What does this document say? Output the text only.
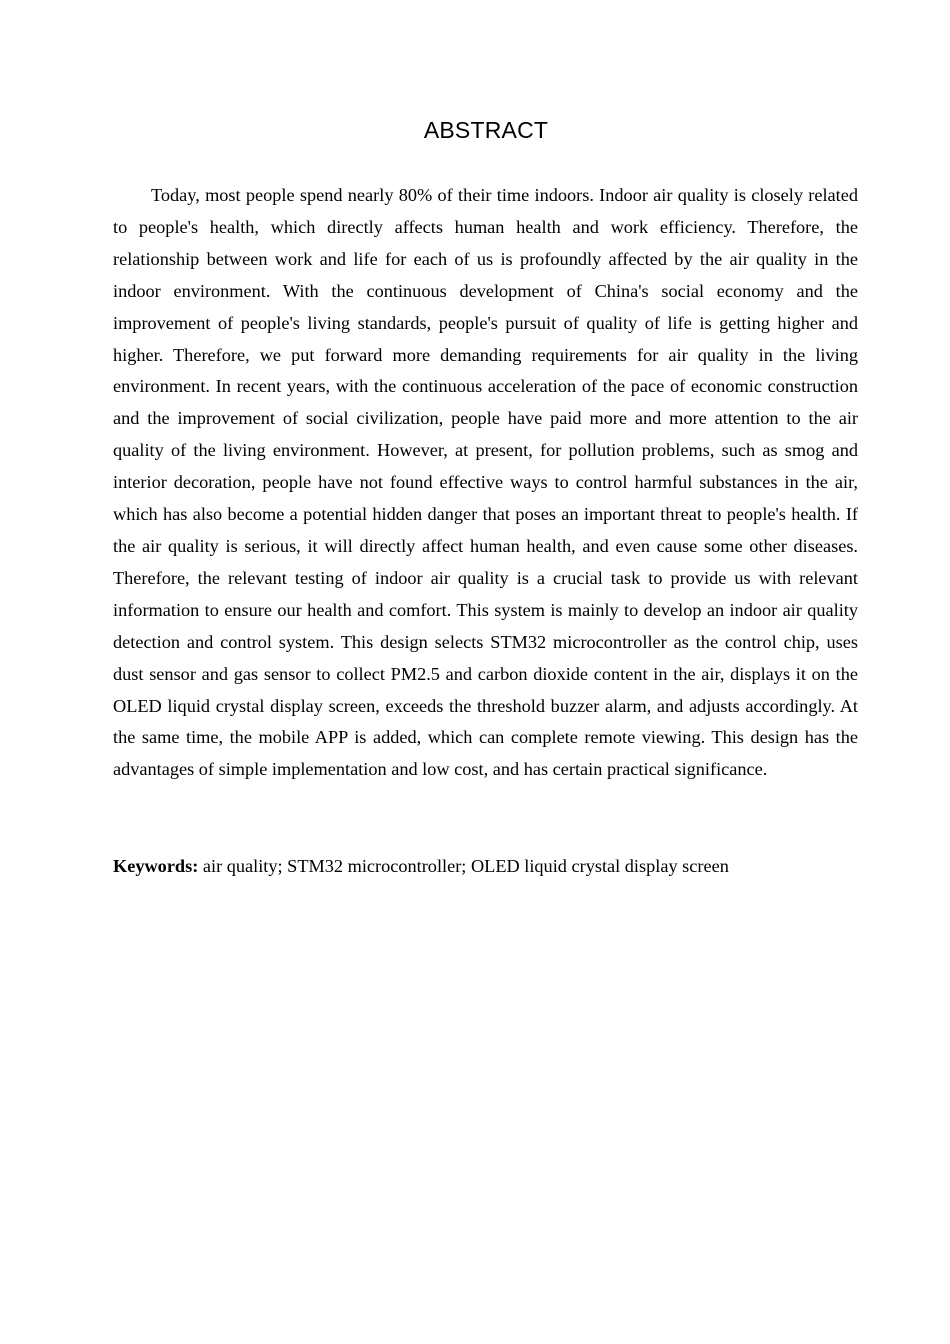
ABSTRACT

Today, most people spend nearly 80% of their time indoors. Indoor air quality is closely related to people's health, which directly affects human health and work efficiency. Therefore, the relationship between work and life for each of us is profoundly affected by the air quality in the indoor environment. With the continuous development of China's social economy and the improvement of people's living standards, people's pursuit of quality of life is getting higher and higher. Therefore, we put forward more demanding requirements for air quality in the living environment. In recent years, with the continuous acceleration of the pace of economic construction and the improvement of social civilization, people have paid more and more attention to the air quality of the living environment. However, at present, for pollution problems, such as smog and interior decoration, people have not found effective ways to control harmful substances in the air, which has also become a potential hidden danger that poses an important threat to people's health. If the air quality is serious, it will directly affect human health, and even cause some other diseases. Therefore, the relevant testing of indoor air quality is a crucial task to provide us with relevant information to ensure our health and comfort. This system is mainly to develop an indoor air quality detection and control system. This design selects STM32 microcontroller as the control chip, uses dust sensor and gas sensor to collect PM2.5 and carbon dioxide content in the air, displays it on the OLED liquid crystal display screen, exceeds the threshold buzzer alarm, and adjusts accordingly. At the same time, the mobile APP is added, which can complete remote viewing. This design has the advantages of simple implementation and low cost, and has certain practical significance.

Keywords: air quality; STM32 microcontroller; OLED liquid crystal display screen
